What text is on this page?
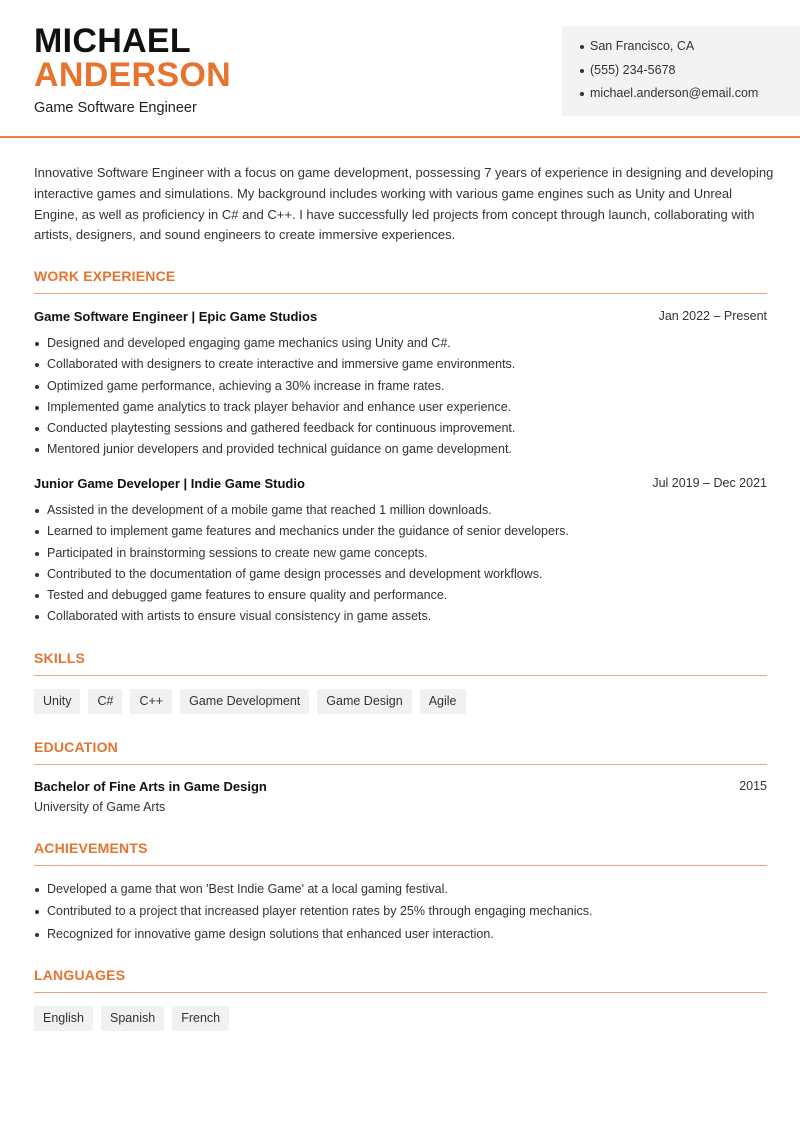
MICHAEL
ANDERSON
Game Software Engineer
San Francisco, CA
(555) 234-5678
michael.anderson@email.com

Innovative Software Engineer with a focus on game development, possessing 7 years of experience in designing and developing interactive games and simulations. My background includes working with various game engines such as Unity and Unreal Engine, as well as proficiency in C# and C++. I have successfully led projects from concept through launch, collaborating with artists, designers, and sound engineers to create immersive experiences.

WORK EXPERIENCE
Game Software Engineer | Epic Game Studios	Jan 2022 – Present
Designed and developed engaging game mechanics using Unity and C#.
Collaborated with designers to create interactive and immersive game environments.
Optimized game performance, achieving a 30% increase in frame rates.
Implemented game analytics to track player behavior and enhance user experience.
Conducted playtesting sessions and gathered feedback for continuous improvement.
Mentored junior developers and provided technical guidance on game development.
Junior Game Developer | Indie Game Studio	Jul 2019 – Dec 2021
Assisted in the development of a mobile game that reached 1 million downloads.
Learned to implement game features and mechanics under the guidance of senior developers.
Participated in brainstorming sessions to create new game concepts.
Contributed to the documentation of game design processes and development workflows.
Tested and debugged game features to ensure quality and performance.
Collaborated with artists to ensure visual consistency in game assets.
SKILLS
Unity	C#	C++	Game Development	Game Design	Agile
EDUCATION
Bachelor of Fine Arts in Game Design	2015
University of Game Arts
ACHIEVEMENTS
Developed a game that won 'Best Indie Game' at a local gaming festival.
Contributed to a project that increased player retention rates by 25% through engaging mechanics.
Recognized for innovative game design solutions that enhanced user interaction.
LANGUAGES
English	Spanish	French
